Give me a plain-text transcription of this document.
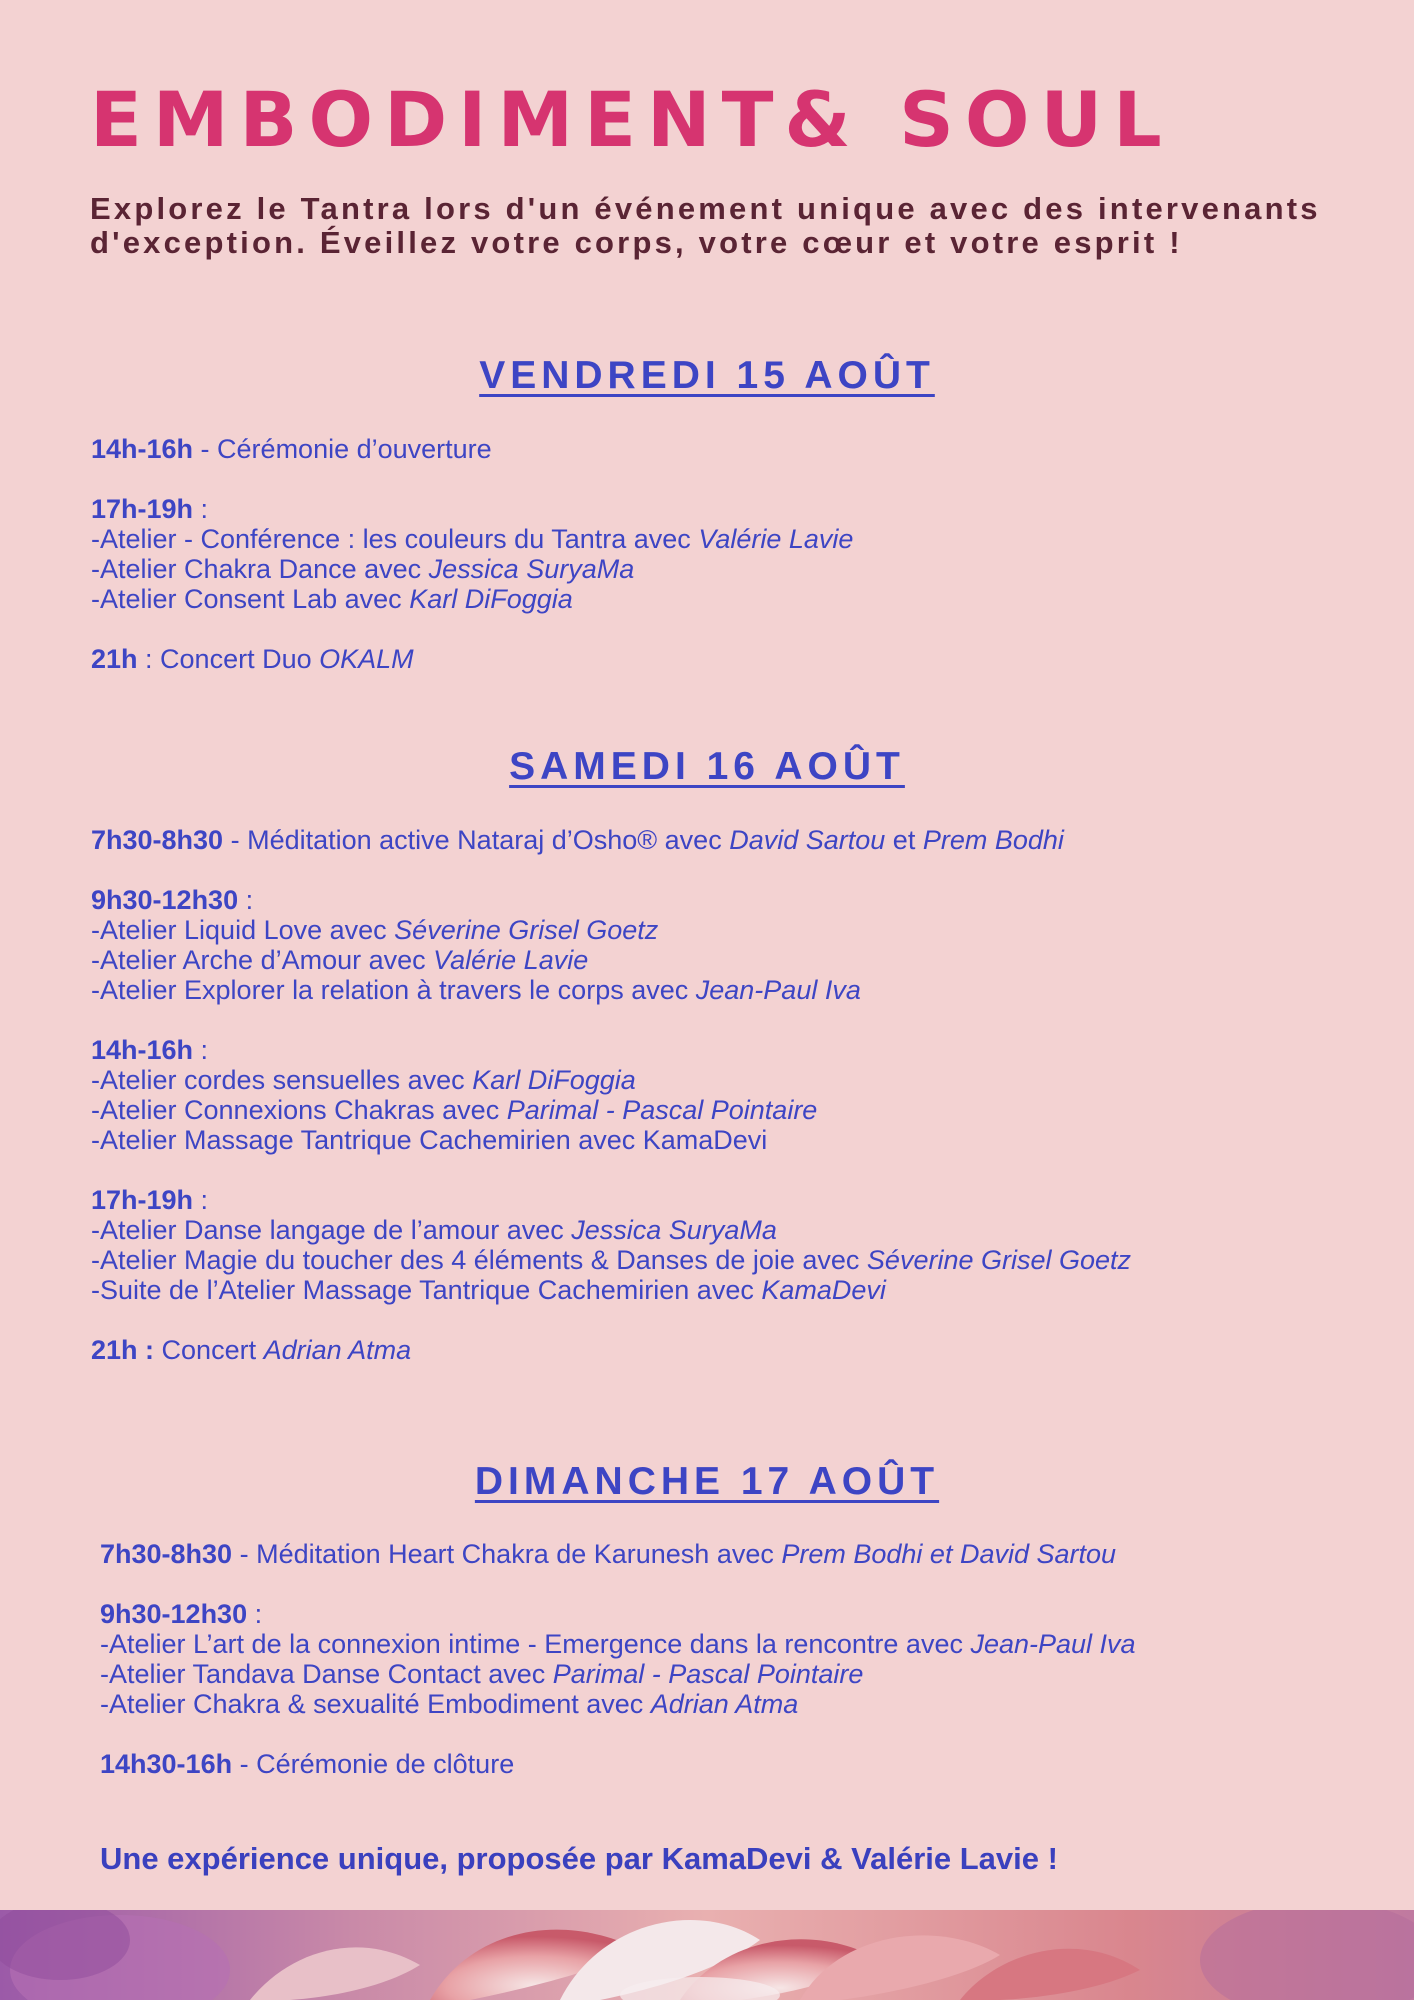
EMBODIMENT& SOUL

Explorez le Tantra lors d'un événement unique avec des intervenants d'exception. Éveillez votre corps, votre cœur et votre esprit !

VENDREDI 15 AOÛT

14h-16h - Cérémonie d’ouverture

17h-19h :

-Atelier - Conférence : les couleurs du Tantra avec Valérie Lavie

-Atelier Chakra Dance avec Jessica SuryaMa

-Atelier Consent Lab avec Karl DiFoggia

21h : Concert Duo OKALM

SAMEDI 16 AOÛT

7h30-8h30 - Méditation active Nataraj d’Osho® avec David Sartou et Prem Bodhi

9h30-12h30 :

-Atelier Liquid Love avec Séverine Grisel Goetz

-Atelier Arche d’Amour avec Valérie Lavie

-Atelier Explorer la relation à travers le corps avec Jean-Paul Iva

14h-16h :

-Atelier cordes sensuelles avec Karl DiFoggia

-Atelier Connexions Chakras avec Parimal - Pascal Pointaire

-Atelier Massage Tantrique Cachemirien avec KamaDevi

17h-19h :

-Atelier Danse langage de l’amour avec Jessica SuryaMa

-Atelier Magie du toucher des 4 éléments & Danses de joie avec Séverine Grisel Goetz

-Suite de l’Atelier Massage Tantrique Cachemirien avec KamaDevi

21h : Concert Adrian Atma

DIMANCHE 17 AOÛT

7h30-8h30 - Méditation Heart Chakra de Karunesh avec Prem Bodhi et David Sartou

9h30-12h30 :

-Atelier L’art de la connexion intime - Emergence dans la rencontre avec Jean-Paul Iva

-Atelier Tandava Danse Contact avec Parimal - Pascal Pointaire

-Atelier Chakra & sexualité Embodiment avec Adrian Atma

14h30-16h - Cérémonie de clôture

Une expérience unique, proposée par KamaDevi & Valérie Lavie !
